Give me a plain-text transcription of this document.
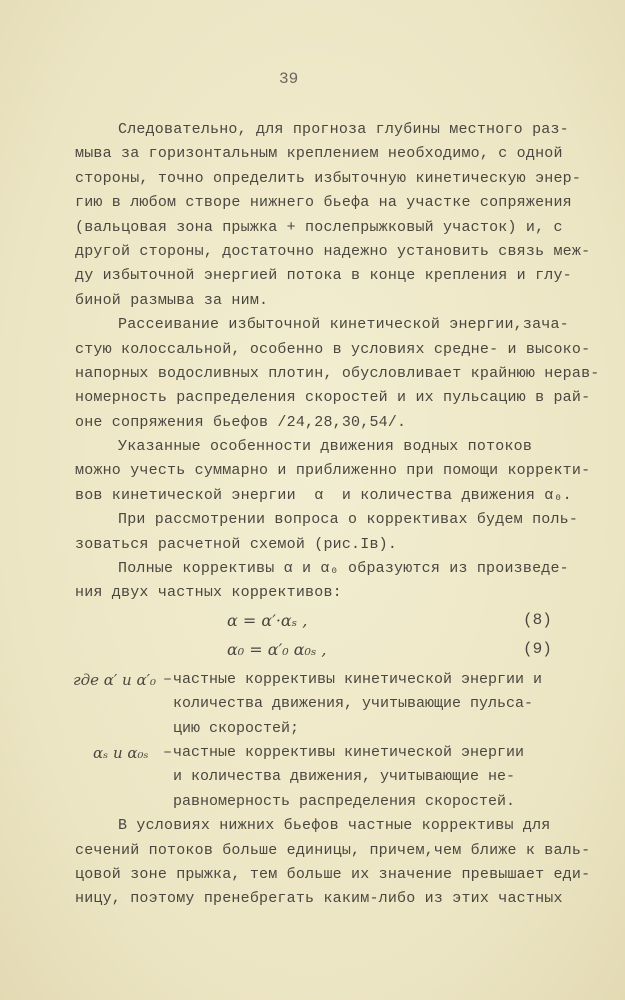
39
Следовательно, для прогноза глубины местного раз-
мыва за горизонтальным креплением необходимо, с одной
стороны, точно определить избыточную кинетическую энер-
гию в любом створе нижнего бьефа на участке сопряжения
(вальцовая зона прыжка + послепрыжковый участок) и, с
другой стороны, достаточно надежно установить связь меж-
ду избыточной энергией потока в конце крепления и глу-
биной размыва за ним.
Рассеивание избыточной кинетической энергии,зача-
стую колоссальной, особенно в условиях средне- и высоко-
напорных водосливных плотин, обусловливает крайнюю нерав-
номерность распределения скоростей и их пульсацию в рай-
оне сопряжения бьефов /24,28,30,54/.
Указанные особенности движения водных потоков
можно учесть суммарно и приближенно при помощи корректи-
вов кинетической энергии  α  и количества движения α₀.
При рассмотрении вопроса о коррективах будем поль-
зоваться расчетной схемой (рис.Iв).
Полные коррективы α и α₀ образуются из произведе-
ния двух частных коррективов:
α = α′·αₛ ,	(8)
α₀ = α′₀ α₀ₛ ,	(9)
где α′ и α′₀ – частные коррективы кинетической энергии и
количества движения, учитывающие пульса-
цию скоростей;
αₛ и α₀ₛ – частные коррективы кинетической энергии
и количества движения, учитывающие не-
равномерность распределения скоростей.
В условиях нижних бьефов частные коррективы для
сечений потоков больше единицы, причем,чем ближе к валь-
цовой зоне прыжка, тем больше их значение превышает еди-
ницу, поэтому пренебрегать каким-либо из этих частных
